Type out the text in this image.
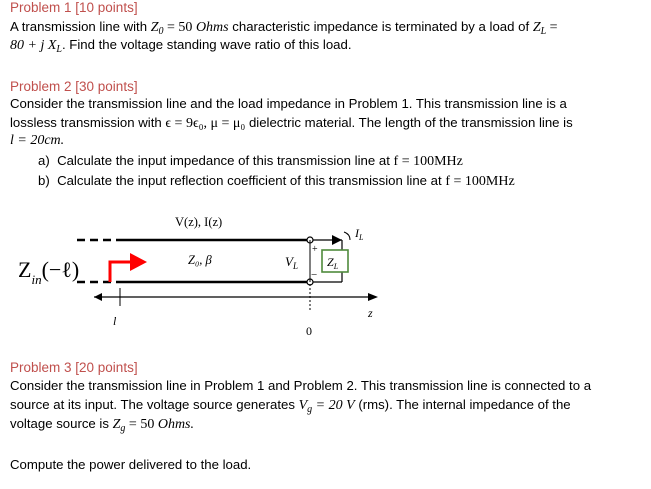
Problem 1 [10 points]
A transmission line with $Z_0 = 50$ Ohms characteristic impedance is terminated by a load of $Z_L$ =
80 + j $X_L$. Find the voltage standing wave ratio of this load.
Problem 2 [30 points]
Consider the transmission line and the load impedance in Problem 1. This transmission line is a
lossless transmission with ϵ = 9ϵ₀, μ = μ₀ dielectric material. The length of the transmission line is
l = 20cm.
a) Calculate the input impedance of this transmission line at f = 100MHz
b) Calculate the input reflection coefficient of this transmission line at f = 100MHz
V(z), I(z)
Z₀, β	$V_L$ $Z_L$
$I_L$
+
−
$Z_{in}(-\ell)$
z
0
l
Problem 3 [20 points]
Consider the transmission line in Problem 1 and Problem 2. This transmission line is connected to a
source at its input. The voltage source generates $V_g = 20$ V (rms). The internal impedance of the
voltage source is $Z_g = 50$ Ohms.
Compute the power delivered to the load.
